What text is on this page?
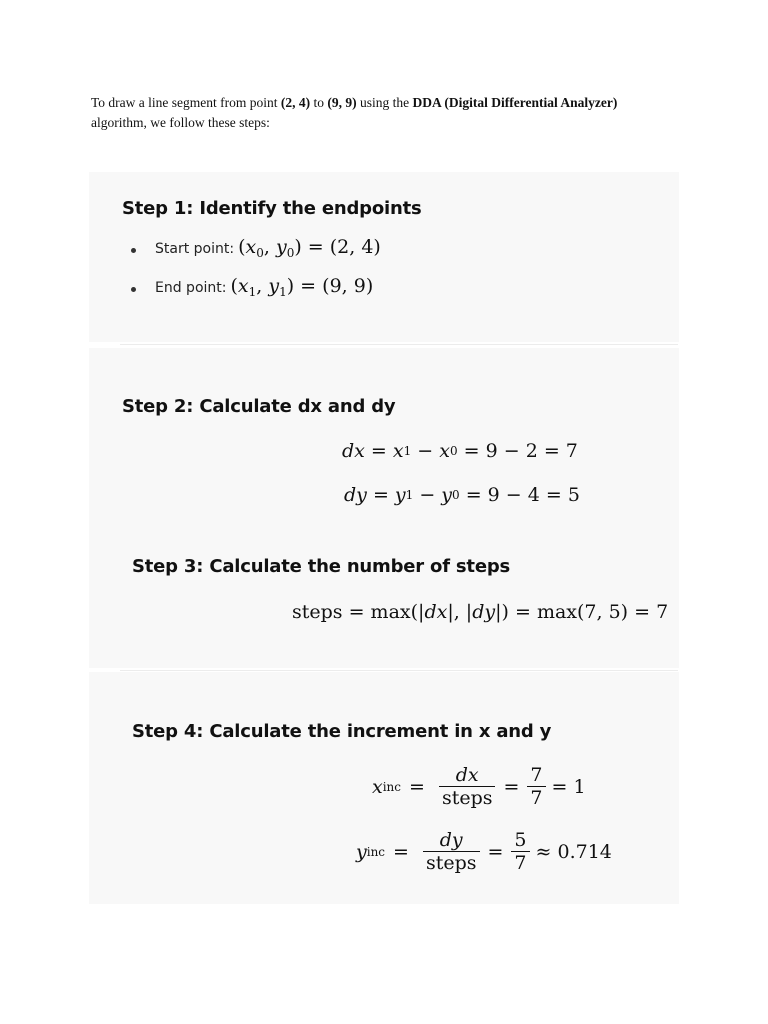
To draw a line segment from point (2, 4) to (9, 9) using the DDA (Digital Differential Analyzer) algorithm, we follow these steps:

Step 1: Identify the endpoints
Start point: ($x_0$, $y_0) = (2$, 4)
End point: ($x_1$, $y_1) = (9$, 9)
Step 2: Calculate dx and dy
dx = x 1 − x 0 = 9 − 2 = 7
dy = y 1 − y 0 = 9 − 4 = 5
Step 3: Calculate the number of steps
steps = max (| dx |, | dy |) = max(7, 5) = 7
Step 4: Calculate the increment in x and y
x inc = $\frac{dx}{\text{steps}} = \frac{7}{7} = 1$
y inc = $\frac{dy}{\text{steps}} = \frac{5}{7} \approx 0.714$
